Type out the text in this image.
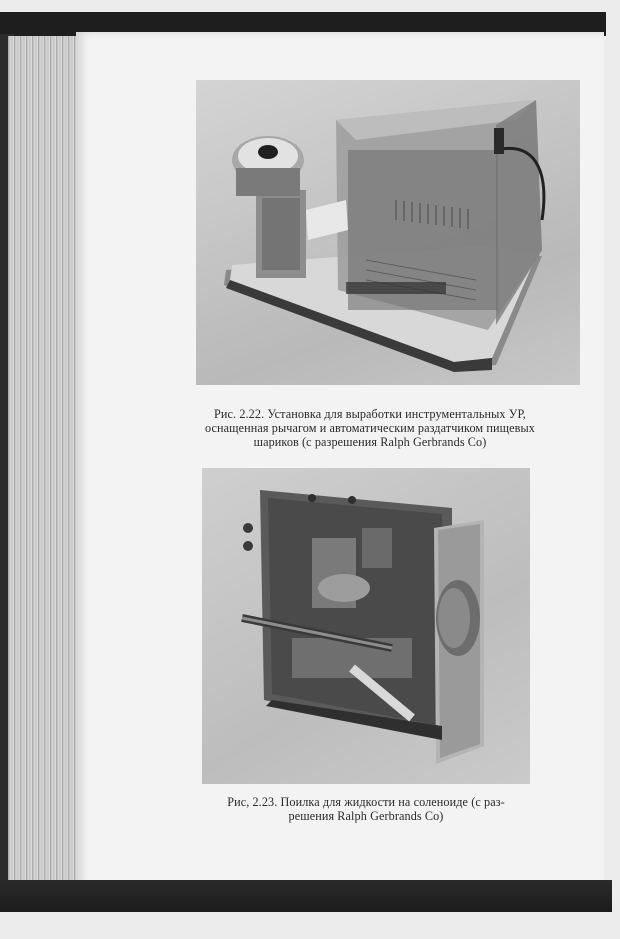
Рис. 2.22. Установка для выработки инструментальных УР,
оснащенная рычагом и автоматическим раздатчиком пищевых
шариков (с разрешения Ralph Gerbrands Co)
Рис, 2.23. Поилка для жидкости на соленоиде (с раз-
решения Ralph Gerbrands Co)
